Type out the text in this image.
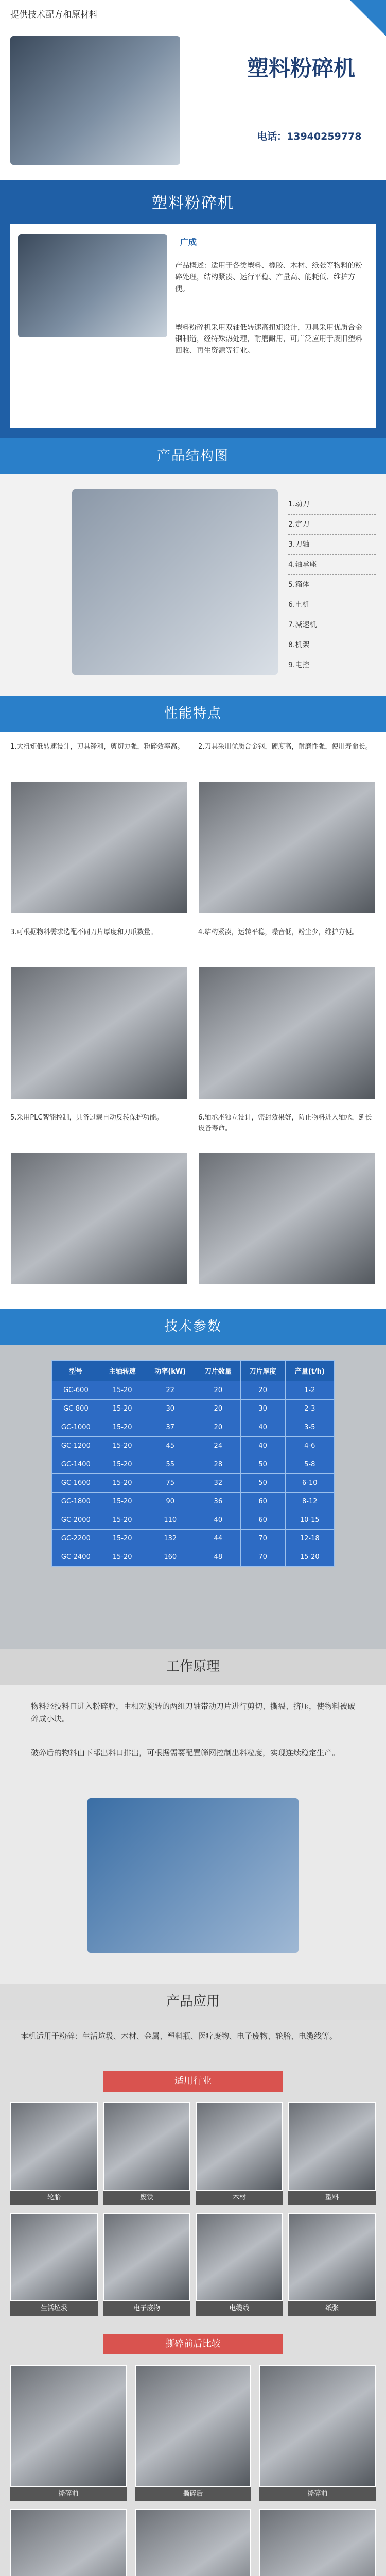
提供技术配方和原材料
塑料粉碎机
电话：13940259778
塑料粉碎机
广成
产品概述：适用于各类塑料、橡胶、木材、纸张等物料的粉碎处理，结构紧凑、运行平稳、产量高、能耗低、维护方便。
塑料粉碎机采用双轴低转速高扭矩设计，刀具采用优质合金钢制造，经特殊热处理，耐磨耐用，可广泛应用于废旧塑料回收、再生资源等行业。
产品结构图
1.动刀
2.定刀
3.刀轴
4.轴承座
5.箱体
6.电机
7.减速机
8.机架
9.电控
性能特点
1.大扭矩低转速设计，刀具锋利，剪切力强，粉碎效率高。	2.刀具采用优质合金钢，硬度高，耐磨性强，使用寿命长。
3.可根据物料需求选配不同刀片厚度和刀爪数量。	4.结构紧凑，运转平稳，噪音低，粉尘少，维护方便。
5.采用PLC智能控制，具备过载自动反转保护功能。	6.轴承座独立设计，密封效果好，防止物料进入轴承，延长设备寿命。
技术参数
型号	主轴转速	功率(kW)	刀片数量	刀片厚度	产量(t/h)
GC-600	15-20	22	20	20	1-2
GC-800	15-20	30	20	30	2-3
GC-1000	15-20	37	20	40	3-5
GC-1200	15-20	45	24	40	4-6
GC-1400	15-20	55	28	50	5-8
GC-1600	15-20	75	32	50	6-10
GC-1800	15-20	90	36	60	8-12
GC-2000	15-20	110	40	60	10-15
GC-2200	15-20	132	44	70	12-18
GC-2400	15-20	160	48	70	15-20
工作原理
物料经投料口进入粉碎腔，由相对旋转的两组刀轴带动刀片进行剪切、撕裂、挤压，使物料被破碎成小块。
破碎后的物料由下部出料口排出，可根据需要配置筛网控制出料粒度，实现连续稳定生产。
产品应用
本机适用于粉碎：生活垃圾、木材、金属、塑料瓶、医疗废物、电子废物、轮胎、电缆线等。
适用行业
轮胎	废铁	木材	塑料
生活垃圾	电子废物	电缆线	纸张
撕碎前后比较
撕碎前	撕碎后	撕碎前
